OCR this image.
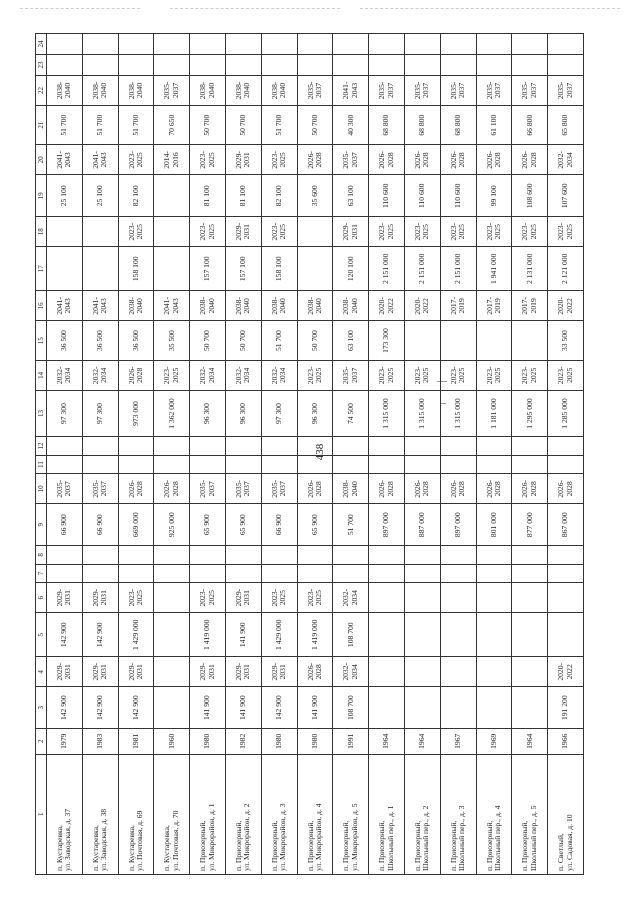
438
1	2	3	4	5	6	7	8	9	10	11	12	13	14	15	16	17	18	19	20	21	22	23	24
п. Кустаревка,
ул. Заводская, д. 37	1979	142 900	2029-
2031	142 900	2029-
2031			66 900	2035-
2037			97 300	2032-
2034	36 500	2041-
2043			25 100	2041-
2043	51 700	2038-
2040		
п. Кустаревка,
ул. Заводская, д. 38	1983	142 900	2029-
2031	142 900	2029-
2031			66 900	2035-
2037			97 300	2032-
2034	36 500	2041-
2043			25 100	2041-
2043	51 700	2038-
2040		
п. Кустаревка,
ул. Почтовая, д. 69	1981	142 900	2029-
2031	1 429 000	2023-
2025			669 000	2026-
2028			973 000	2026-
2028	36 500	2038-
2040	158 100	2023-
2025	82 100	2023-
2025	51 700	2038-
2040		
п. Кустаревка,
ул. Почтовая, д. 70	1960							925 000	2026-
2028			1 362 000	2023-
2025	35 500	2041-
2043				2014-
2016	70 650	2035-
2037		
п. Приозерный,
ул. Микрорайон, д. 1	1980	141 900	2029-
2031	1 419 000	2023-
2025			65 900	2035-
2037			96 300	2032-
2034	50 700	2038-
2040	157 100	2023-
2025	81 100	2023-
2025	50 700	2038-
2040		
п. Приозерный,
ул. Микрорайон, д. 2	1982	141 900	2029-
2031	141 900	2029-
2031			65 900	2035-
2037			96 300	2032-
2034	50 700	2038-
2040	157 100	2029-
2031	81 100	2029-
2031	50 700	2038-
2040		
п. Приозерный,
ул. Микрорайон, д. 3	1980	142 900	2029-
2031	1 429 000	2023-
2025			66 900	2035-
2037			97 300	2032-
2034	51 700	2038-
2040	158 100	2023-
2025	82 100	2023-
2025	51 700	2038-
2040		
п. Приозерный,
ул. Микрорайон, д. 4	1980	141 900	2026-
2028	1 419 000	2023-
2025			65 900	2026-
2028			96 300	2023-
2025	50 700	2038-
2040			35 600	2026-
2028	50 700	2035-
2037		
п. Приозерный,
ул. Микрорайон, д. 5	1991	108 700	2032-
2034	108 700	2032-
2034			51 700	2038-
2040			74 500	2035-
2037	63 100	2038-
2040	120 100	2029-
2031	63 100	2035-
2037	40 300	2041-
2043		
п. Приозерный,
Школьный пер., д. 1	1964							897 000	2026-
2028			1 315 000	2023-
2025	173 300	2020-
2022	2 151 000	2023-
2025	110 600	2026-
2028	68 800	2035-
2037		
п. Приозерный,
Школьный пер., д. 2	1964							887 000	2026-
2028			1 315 000	2023-
2025		2020-
2022	2 151 000	2023-
2025	110 600	2026-
2028	68 800	2035-
2037		
п. Приозерный,
Школьный пер., д. 3	1967							897 000	2026-
2028			1 315 000	2023-
2025		2017-
2019	2 151 000	2023-
2025	110 600	2026-
2028	68 800	2035-
2037		
п. Приозерный,
Школьный пер., д. 4	1969							801 000	2026-
2028			1 181 000	2023-
2025		2017-
2019	1 941 000	2023-
2025	99 100	2026-
2028	61 100	2035-
2037		
п. Приозерный,
Школьный пер., д. 5	1964							877 000	2026-
2028			1 295 000	2023-
2025		2017-
2019	2 131 000	2023-
2025	108 600	2026-
2028	66 800	2035-
2037		
п. Светлый,
ул. Садовая, д. 10	1966	191 200	2020-
2022					867 000	2026-
2028			1 285 000	2023-
2025	33 500	2020-
2022	2 121 000	2023-
2025	107 600	2032-
2034	65 800	2035-
2037		
